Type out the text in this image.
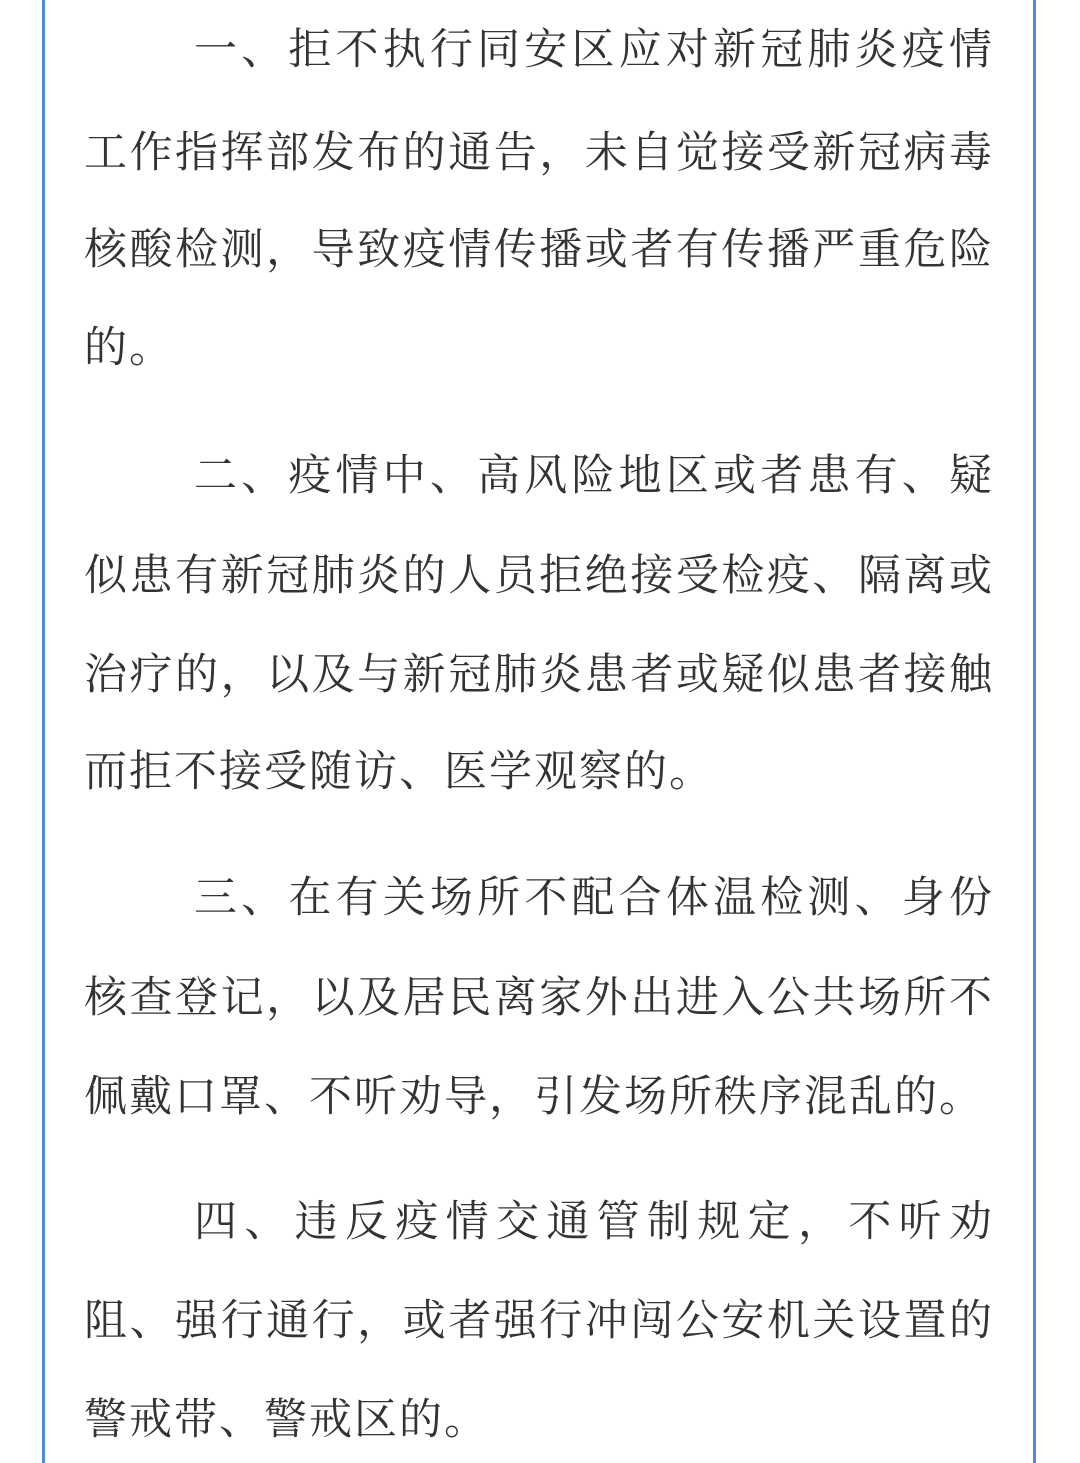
一、拒不执行同安区应对新冠肺炎疫情
工作指挥部发布的通告，未自觉接受新冠病毒
核酸检测，导致疫情传播或者有传播严重危险
的。
二、疫情中、高风险地区或者患有、疑
似患有新冠肺炎的人员拒绝接受检疫、隔离或
治疗的，以及与新冠肺炎患者或疑似患者接触
而拒不接受随访、医学观察的。
三、在有关场所不配合体温检测、身份
核查登记，以及居民离家外出进入公共场所不
佩戴口罩、不听劝导，引发场所秩序混乱的。
四、违反疫情交通管制规定，不听劝
阻、强行通行，或者强行冲闯公安机关设置的
警戒带、警戒区的。
